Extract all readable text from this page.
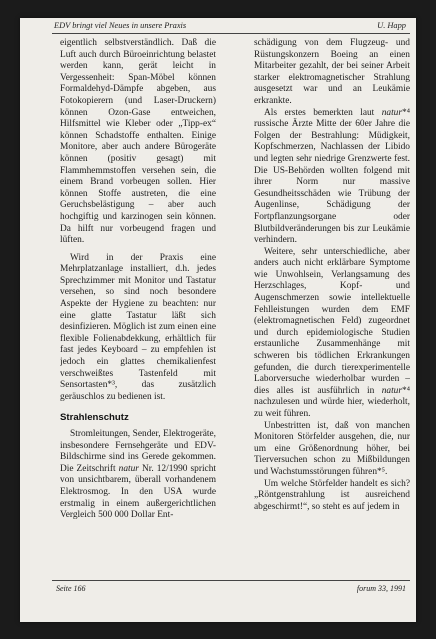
EDV bringt viel Neues in unsere Praxis	U. Happ

eigentlich selbstverständlich. Daß die Luft auch durch Büroeinrichtung belastet werden kann, gerät leicht in Vergessenheit: Span-Möbel können Formaldehyd-Dämpfe abgeben, aus Fotokopierern (und Laser-Druckern) können Ozon-Gase entweichen, Hilfsmittel wie Kleber oder „Tipp-ex“ können Schadstoffe enthalten. Einige Monitore, aber auch andere Bürogeräte können (positiv gesagt) mit Flammhemmstoffen versehen sein, die einem Brand vorbeugen sollen. Hier können Stoffe austreten, die eine Geruchsbelästigung – aber auch hochgiftig und karzinogen sein können. Da hilft nur vorbeugend fragen und lüften.

Wird in der Praxis eine Mehrplatzanlage installiert, d.h. jedes Sprechzimmer mit Monitor und Tastatur versehen, so sind noch besondere Aspekte der Hygiene zu beachten: nur eine glatte Tastatur läßt sich desinfizieren. Möglich ist zum einen eine flexible Folienabdekkung, erhältlich für fast jedes Keyboard – zu empfehlen ist jedoch ein glattes chemikalienfest verschweißtes Tastenfeld mit Sensortasten*³, das zusätzlich geräuschlos zu bedienen ist.

Strahlenschutz

Stromleitungen, Sender, Elektrogeräte, insbesondere Fernsehgeräte und EDV-Bildschirme sind ins Gerede gekommen. Die Zeitschrift natur Nr. 12/1990 spricht von unsichtbarem, überall vorhandenem Elektrosmog. In den USA wurde erstmalig in einem außergerichtlichen Vergleich 500 000 Dollar Ent-

schädigung von dem Flugzeug- und Rüstungskonzern Boeing an einen Mitarbeiter gezahlt, der bei seiner Arbeit starker elektromagnetischer Strahlung ausgesetzt war und an Leukämie erkrankte.

Als erstes bemerkten laut natur*⁴ russische Ärzte Mitte der 60er Jahre die Folgen der Bestrahlung: Müdigkeit, Kopfschmerzen, Nachlassen der Libido und legten sehr niedrige Grenzwerte fest. Die US-Behörden wollten folgend mit ihrer Norm nur massive Gesundheitsschäden wie Trübung der Augenlinse, Schädigung der Fortpflanzungsorgane oder Blutbildveränderungen bis zur Leukämie verhindern.

Weitere, sehr unterschiedliche, aber anders auch nicht erklärbare Symptome wie Unwohlsein, Verlangsamung des Herzschlages, Kopf- und Augenschmerzen sowie intellektuelle Fehlleistungen wurden dem EMF (elektromagnetischen Feld) zugeordnet und durch epidemiologische Studien erstaunliche Zusammenhänge mit schweren bis tödlichen Erkrankungen gefunden, die durch tierexperimentelle Laborversuche wiederholbar wurden – dies alles ist ausführlich in natur*⁴ nachzulesen und würde hier, wiederholt, zu weit führen.

Unbestritten ist, daß von manchen Monitoren Störfelder ausgehen, die, nur um eine Größenordnung höher, bei Tierversuchen schon zu Mißbildungen und Wachstumsstörungen führen*⁵.

Um welche Störfelder handelt es sich? „Röntgenstrahlung ist ausreichend abgeschirmt!“, so steht es auf jedem in

Seite 166	forum 33, 1991
